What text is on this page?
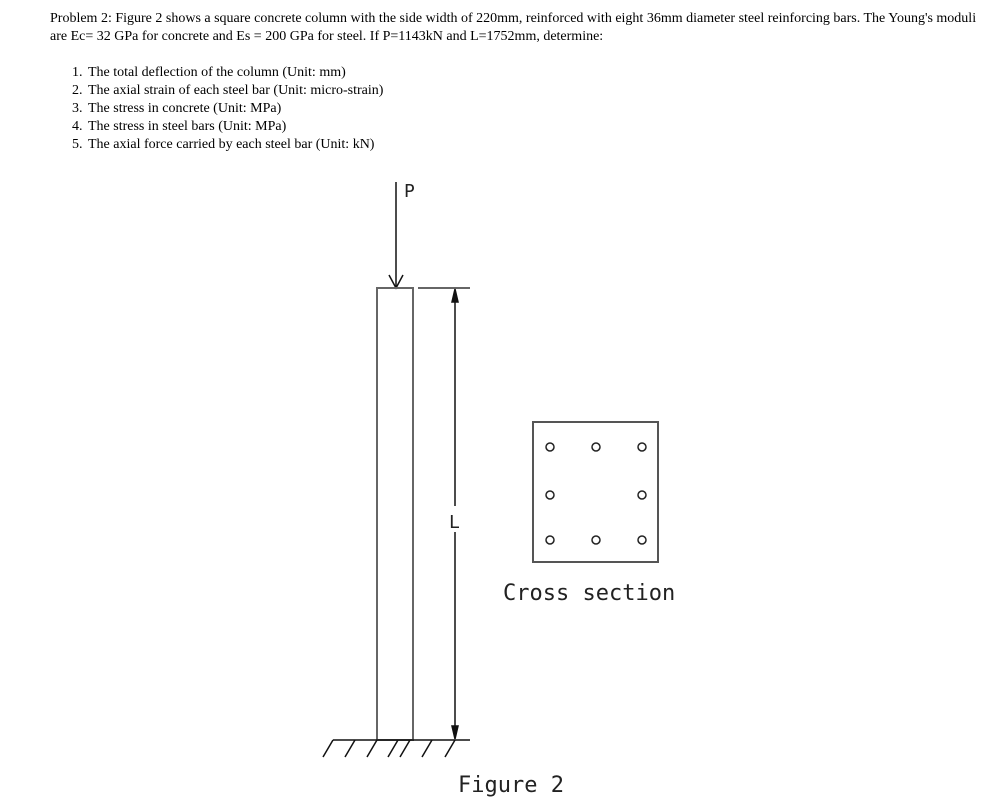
Problem 2: Figure 2 shows a square concrete column with the side width of 220mm, reinforced with eight 36mm diameter steel reinforcing bars. The Young's moduli are Ec= 32 GPa for concrete and Es = 200 GPa for steel. If P=1143kN and L=1752mm, determine:
1. The total deflection of the column (Unit: mm)
2. The axial strain of each steel bar (Unit: micro-strain)
3. The stress in concrete (Unit: MPa)
4. The stress in steel bars (Unit: MPa)
5. The axial force carried by each steel bar (Unit: kN)
P
L
Cross section
Figure 2
